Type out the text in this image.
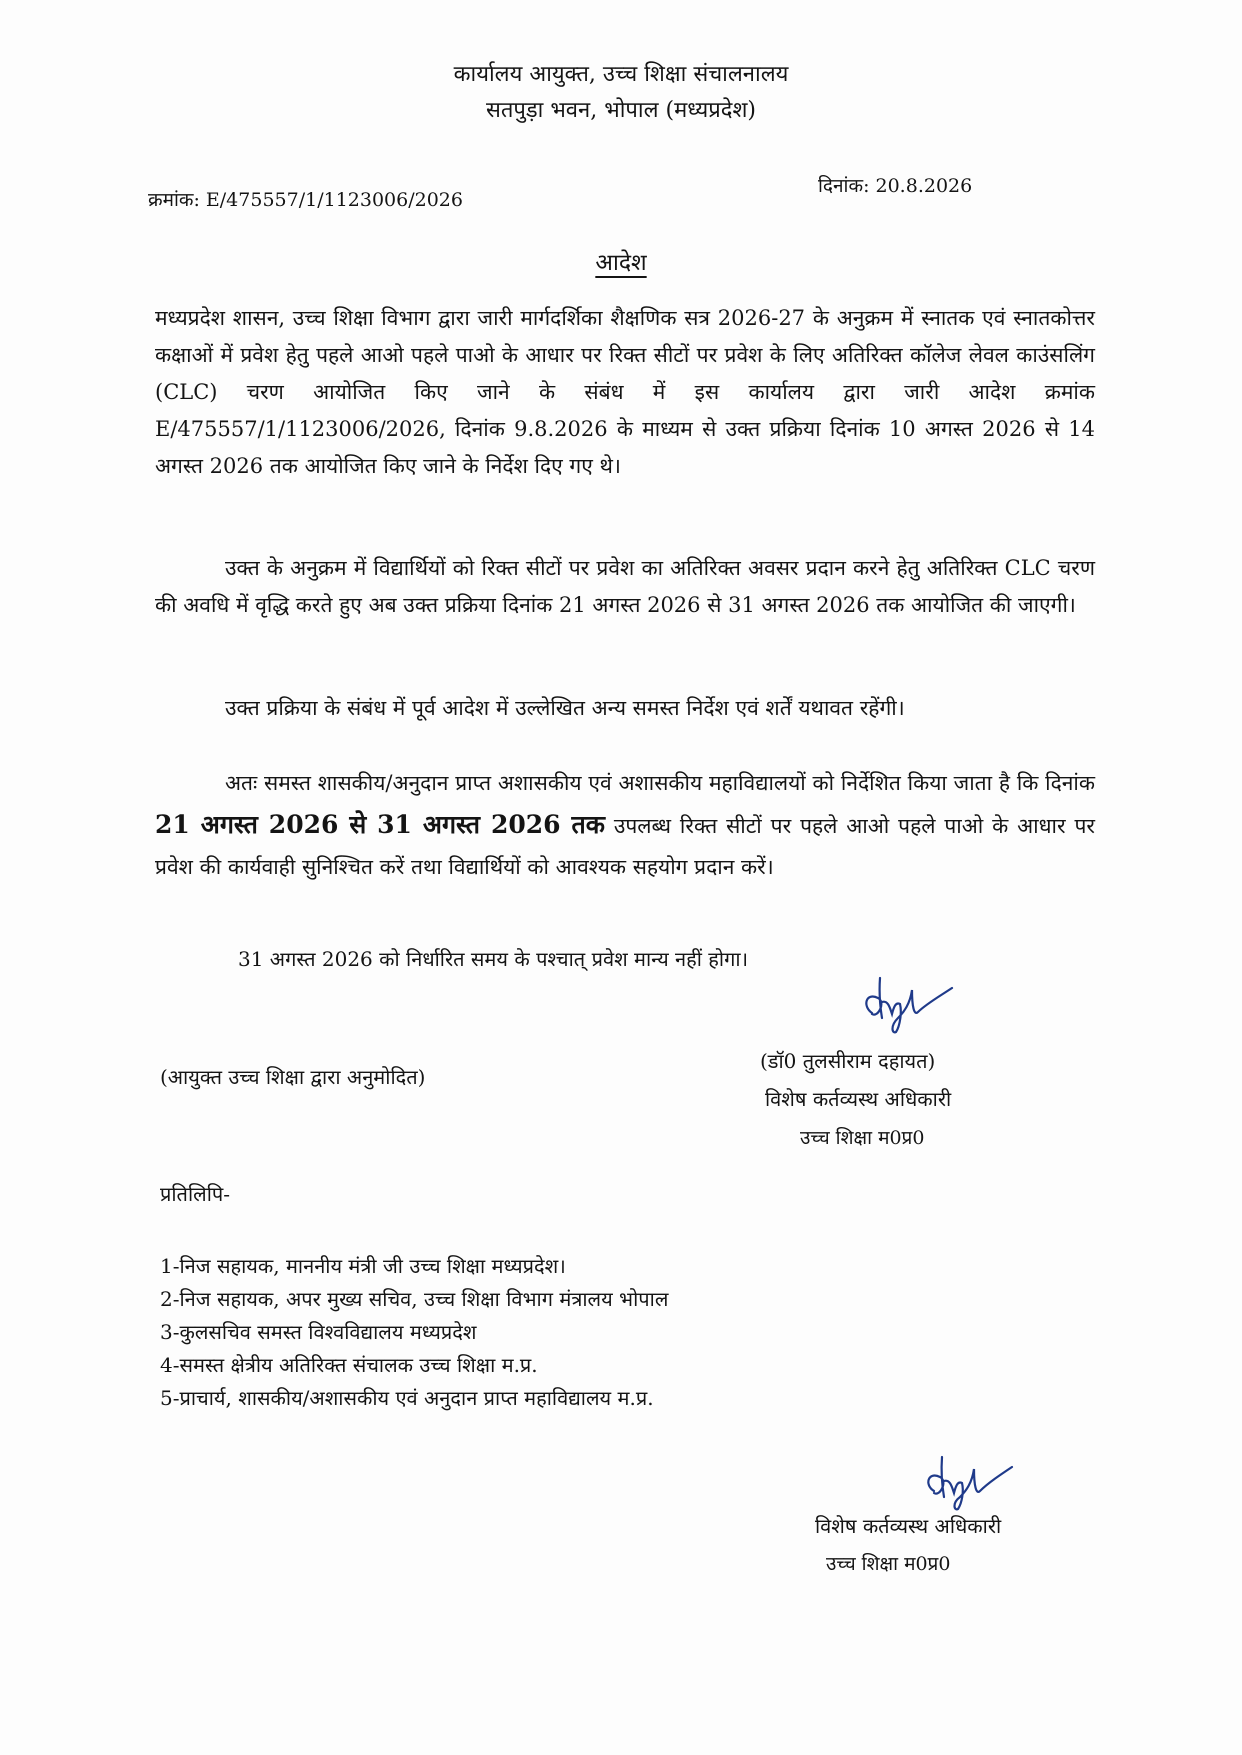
कार्यालय आयुक्त, उच्च शिक्षा संचालनालय
सतपुड़ा भवन, भोपाल (मध्यप्रदेश)
क्रमांक: E/475557/1/1123006/2026
दिनांक: 20.8.2026
आदेश

मध्यप्रदेश शासन, उच्च शिक्षा विभाग द्वारा जारी मार्गदर्शिका शैक्षणिक सत्र 2026-27 के अनुक्रम में स्नातक एवं स्नातकोत्तर कक्षाओं में प्रवेश हेतु पहले आओ पहले पाओ के आधार पर रिक्त सीटों पर प्रवेश के लिए अतिरिक्त कॉलेज लेवल काउंसलिंग (CLC) चरण आयोजित किए जाने के संबंध में इस कार्यालय द्वारा जारी आदेश क्रमांक E/475557/1/1123006/2026, दिनांक 9.8.2026 के माध्यम से उक्त प्रक्रिया दिनांक 10 अगस्त 2026 से 14 अगस्त 2026 तक आयोजित किए जाने के निर्देश दिए गए थे।

उक्त के अनुक्रम में विद्यार्थियों को रिक्त सीटों पर प्रवेश का अतिरिक्त अवसर प्रदान करने हेतु अतिरिक्त CLC चरण की अवधि में वृद्धि करते हुए अब उक्त प्रक्रिया दिनांक 21 अगस्त 2026 से 31 अगस्त 2026 तक आयोजित की जाएगी।

उक्त प्रक्रिया के संबंध में पूर्व आदेश में उल्लेखित अन्य समस्त निर्देश एवं शर्तें यथावत रहेंगी।

अतः समस्त शासकीय/अनुदान प्राप्त अशासकीय एवं अशासकीय महाविद्यालयों को निर्देशित किया जाता है कि दिनांक 21 अगस्त 2026 से 31 अगस्त 2026 तक उपलब्ध रिक्त सीटों पर पहले आओ पहले पाओ के आधार पर प्रवेश की कार्यवाही सुनिश्चित करें तथा विद्यार्थियों को आवश्यक सहयोग प्रदान करें।

31 अगस्त 2026 को निर्धारित समय के पश्चात् प्रवेश मान्य नहीं होगा।
(आयुक्त उच्च शिक्षा द्वारा अनुमोदित)
(डॉ0 तुलसीराम दहायत)
विशेष कर्तव्यस्थ अधिकारी
उच्च शिक्षा म0प्र0
प्रतिलिपि-
1-निज सहायक, माननीय मंत्री जी उच्च शिक्षा मध्यप्रदेश।
2-निज सहायक, अपर मुख्य सचिव, उच्च शिक्षा विभाग मंत्रालय भोपाल
3-कुलसचिव समस्त विश्वविद्यालय मध्यप्रदेश
4-समस्त क्षेत्रीय अतिरिक्त संचालक उच्च शिक्षा म.प्र.
5-प्राचार्य, शासकीय/अशासकीय एवं अनुदान प्राप्त महाविद्यालय म.प्र.
विशेष कर्तव्यस्थ अधिकारी
उच्च शिक्षा म0प्र0
